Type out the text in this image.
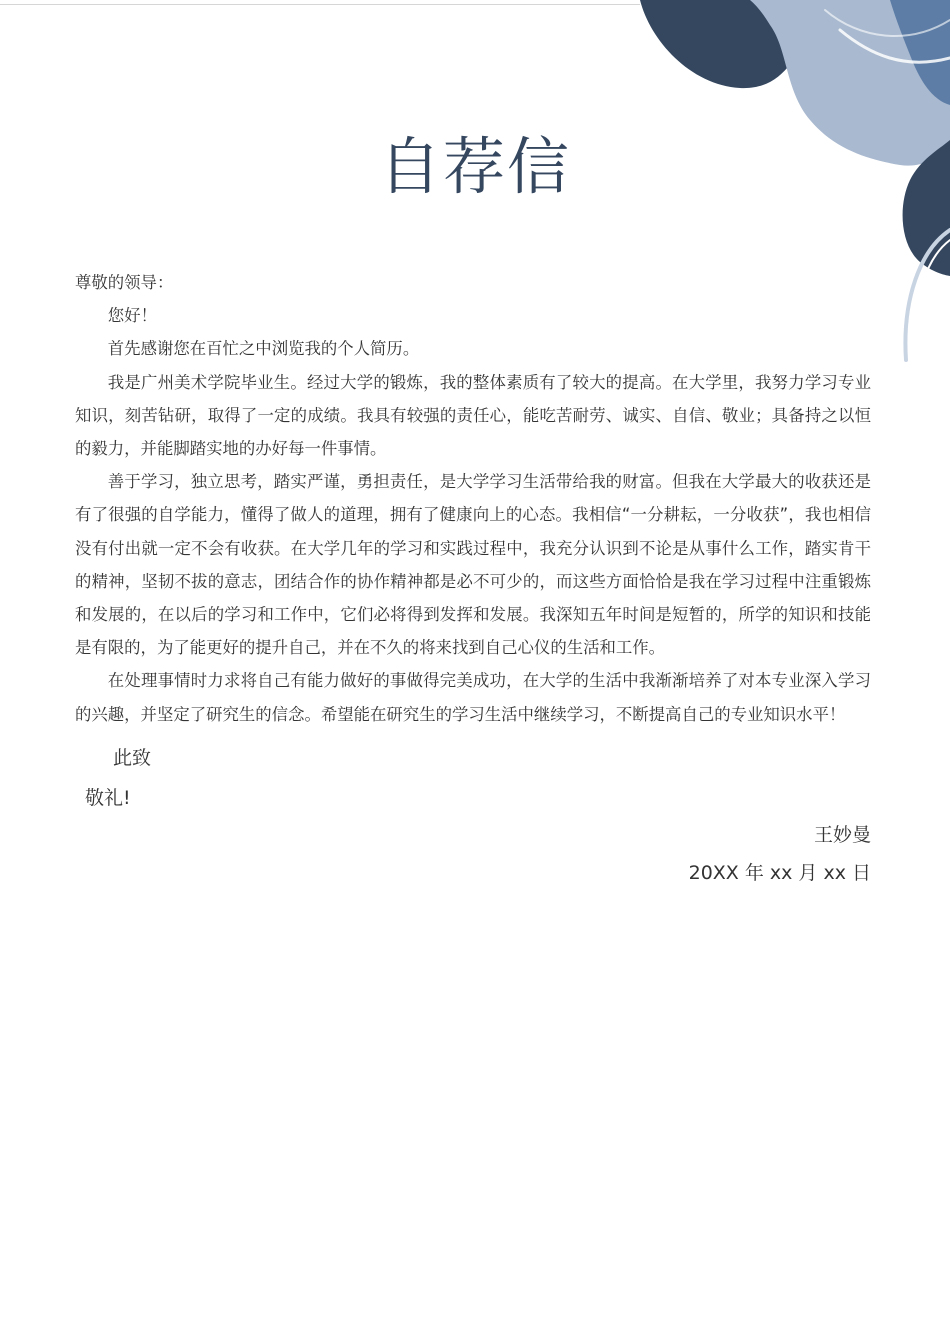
自荐信

尊敬的领导：

您好！

首先感谢您在百忙之中浏览我的个人简历。

我是广州美术学院毕业生。经过大学的锻炼，我的整体素质有了较大的提高。在大学里，我努力学习专业知识，刻苦钻研，取得了一定的成绩。我具有较强的责任心，能吃苦耐劳、诚实、自信、敬业；具备持之以恒的毅力，并能脚踏实地的办好每一件事情。

善于学习，独立思考，踏实严谨，勇担责任，是大学学习生活带给我的财富。但我在大学最大的收获还是有了很强的自学能力，懂得了做人的道理，拥有了健康向上的心态。我相信“一分耕耘，一分收获”，我也相信没有付出就一定不会有收获。在大学几年的学习和实践过程中，我充分认识到不论是从事什么工作，踏实肯干的精神，坚韧不拔的意志，团结合作的协作精神都是必不可少的，而这些方面恰恰是我在学习过程中注重锻炼和发展的，在以后的学习和工作中，它们必将得到发挥和发展。我深知五年时间是短暂的，所学的知识和技能是有限的，为了能更好的提升自己，并在不久的将来找到自己心仪的生活和工作。

在处理事情时力求将自己有能力做好的事做得完美成功，在大学的生活中我渐渐培养了对本专业深入学习的兴趣，并坚定了研究生的信念。希望能在研究生的学习生活中继续学习，不断提高自己的专业知识水平！

此致

敬礼!

王妙曼

20XX 年 xx 月 xx 日
